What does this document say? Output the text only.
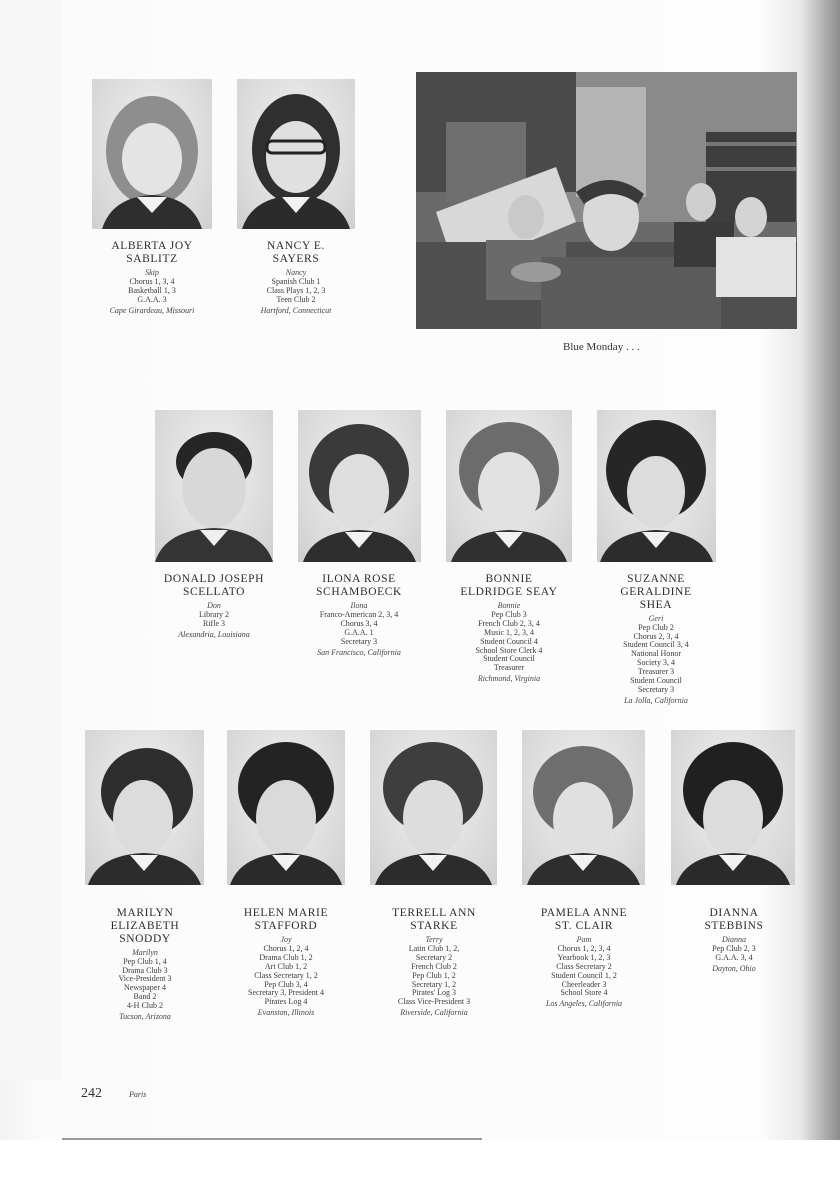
Blue Monday . . .
ALBERTA JOY
SABLITZ
Skip
Chorus 1, 3, 4
Basketball 1, 3
G.A.A. 3
Cape Girardeau, Missouri
NANCY E.
SAYERS
Nancy
Spanish Club 1
Class Plays 1, 2, 3
Teen Club 2
Hartford, Connecticut
DONALD JOSEPH
SCELLATO
Don
Library 2
Rifle 3
Alexandria, Louisiana
ILONA ROSE
SCHAMBOECK
Ilona
Franco-American 2, 3, 4
Chorus 3, 4
G.A.A. 1
Secretary 3
San Francisco, California
BONNIE
ELDRIDGE SEAY
Bonnie
Pep Club 3
French Club 2, 3, 4
Music 1, 2, 3, 4
Student Council 4
School Store Clerk 4
Student Council
Treasurer
Richmond, Virginia
SUZANNE
GERALDINE
SHEA
Geri
Pep Club 2
Chorus 2, 3, 4
Student Council 3, 4
National Honor
Society 3, 4
Treasurer 3
Student Council
Secretary 3
La Jolla, California
MARILYN
ELIZABETH
SNODDY
Marilyn
Pep Club 1, 4
Drama Club 3
Vice-President 3
Newspaper 4
Band 2
4-H Club 2
Tucson, Arizona
HELEN MARIE
STAFFORD
Joy
Chorus 1, 2, 4
Drama Club 1, 2
Art Club 1, 2
Class Secretary 1, 2
Pep Club 3, 4
Secretary 3, President 4
Pirates Log 4
Evanston, Illinois
TERRELL ANN
STARKE
Terry
Latin Club 1, 2,
Secretary 2
French Club 2
Pep Club 1, 2
Secretary 1, 2
Pirates' Log 3
Class Vice-President 3
Riverside, California
PAMELA ANNE
ST. CLAIR
Pam
Chorus 1, 2, 3, 4
Yearbook 1, 2, 3
Class Secretary 2
Student Council 1, 2
Cheerleader 3
School Store 4
Los Angeles, California
DIANNA
STEBBINS
Dianna
Pep Club 2, 3
G.A.A. 3, 4
Dayton, Ohio
242	Paris
